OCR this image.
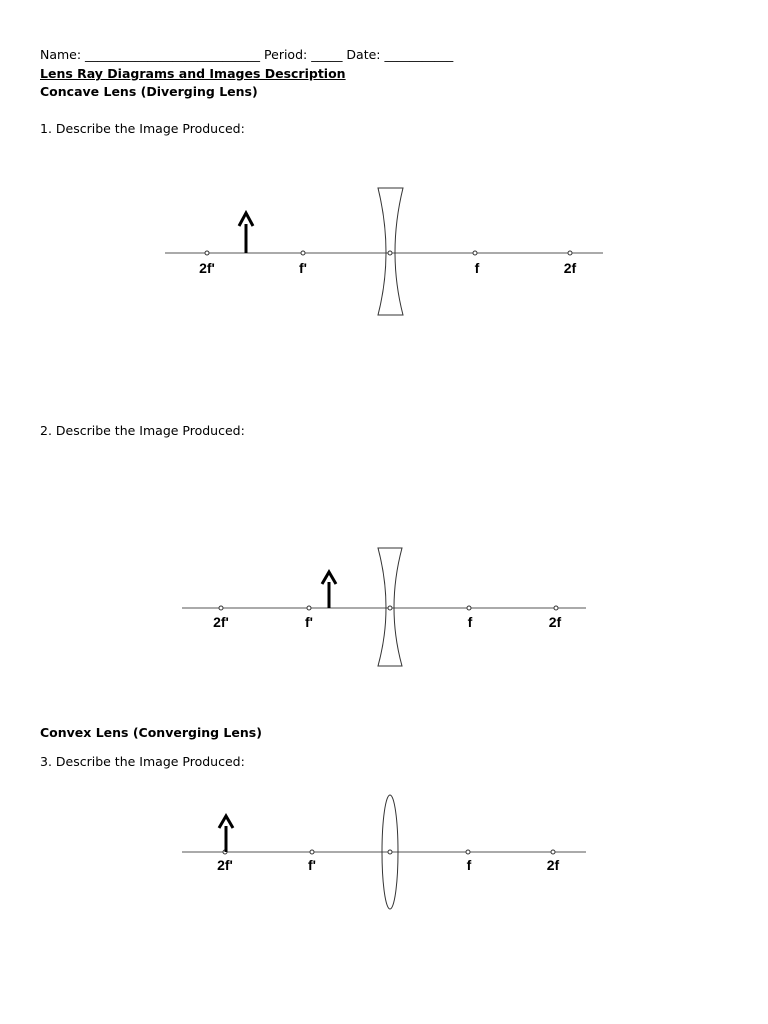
Name: ____________________________ Period: _____ Date: ___________
Lens Ray Diagrams and Images Description
Concave Lens (Diverging Lens)
1. Describe the Image Produced:
2f'	f'	f	2f
2. Describe the Image Produced:
2f'	f'	f	2f
Convex Lens (Converging Lens)
3. Describe the Image Produced:
2f'	f'	f	2f
